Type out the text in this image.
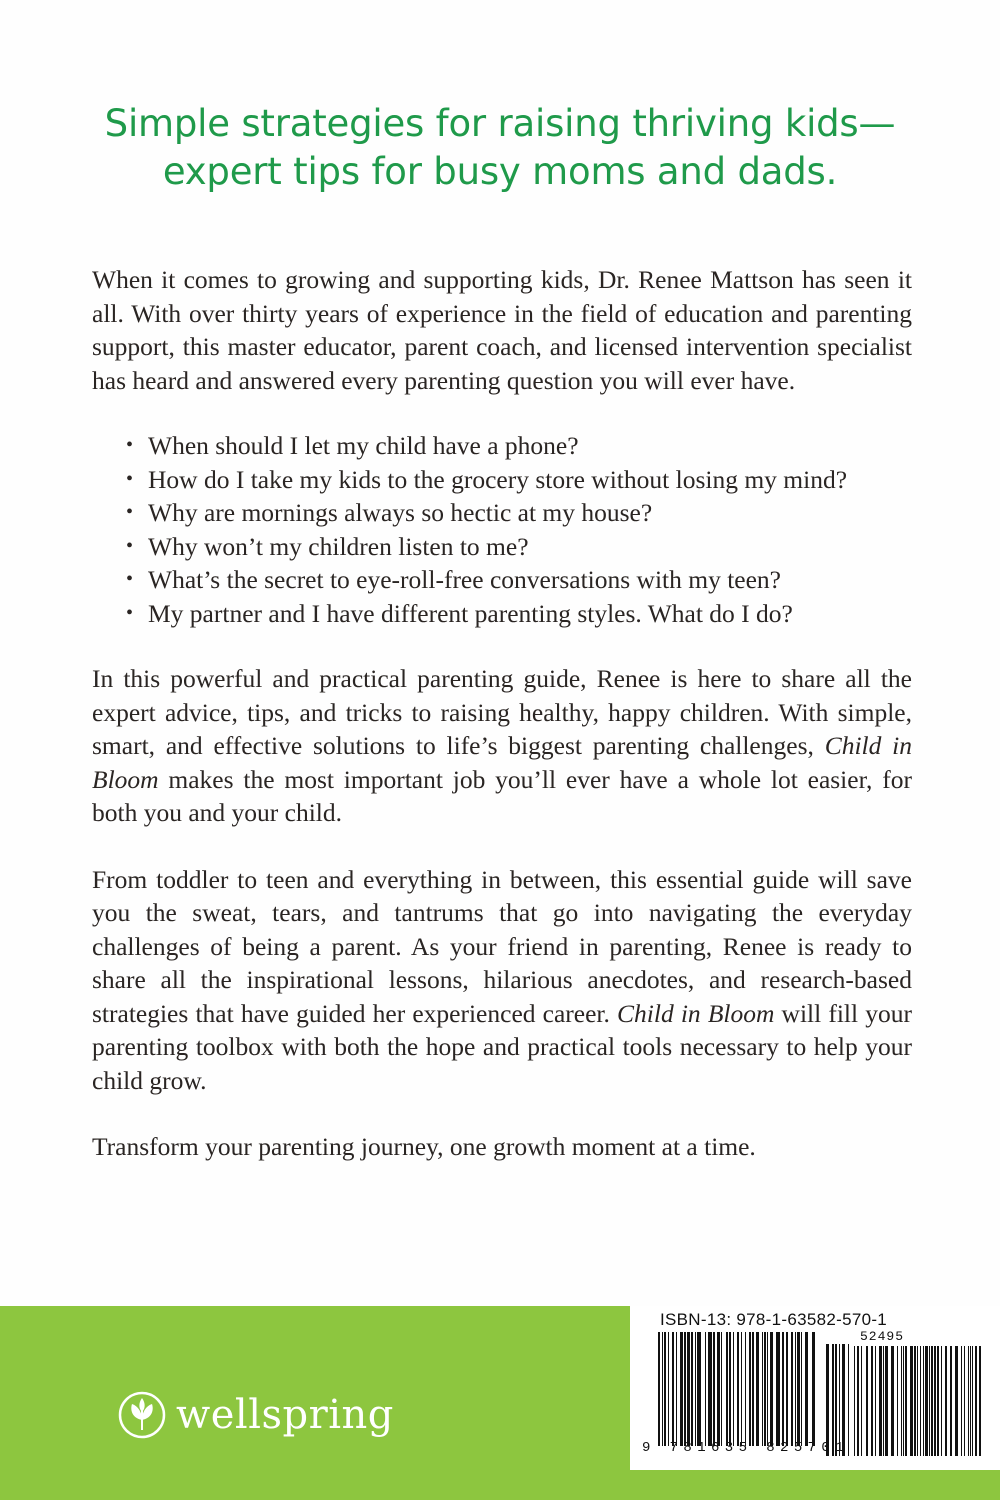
Simple strategies for raising thriving kids—
expert tips for busy moms and dads.

When it comes to growing and supporting kids, Dr. Renee Mattson has seen it all. With over thirty years of experience in the field of education and parenting support, this master educator, parent coach, and licensed intervention specialist has heard and answered every parenting question you will ever have.

• When should I let my child have a phone?
• How do I take my kids to the grocery store without losing my mind?
• Why are mornings always so hectic at my house?
• Why won’t my children listen to me?
• What’s the secret to eye-roll-free conversations with my teen?
• My partner and I have different parenting styles. What do I do?

In this powerful and practical parenting guide, Renee is here to share all the expert advice, tips, and tricks to raising healthy, happy children. With simple, smart, and effective solutions to life’s biggest parenting challenges, Child in Bloom makes the most important job you’ll ever have a whole lot easier, for both you and your child.

From toddler to teen and everything in between, this essential guide will save you the sweat, tears, and tantrums that go into navigating the everyday challenges of being a parent. As your friend in parenting, Renee is ready to share all the inspirational lessons, hilarious anecdotes, and research-based strategies that have guided her experienced career. Child in Bloom will fill your parenting toolbox with both the hope and practical tools necessary to help your child grow.

Transform your parenting journey, one growth moment at a time.

wellspring
ISBN-13: 978-1-63582-570-1
52495
9 781635 825701
